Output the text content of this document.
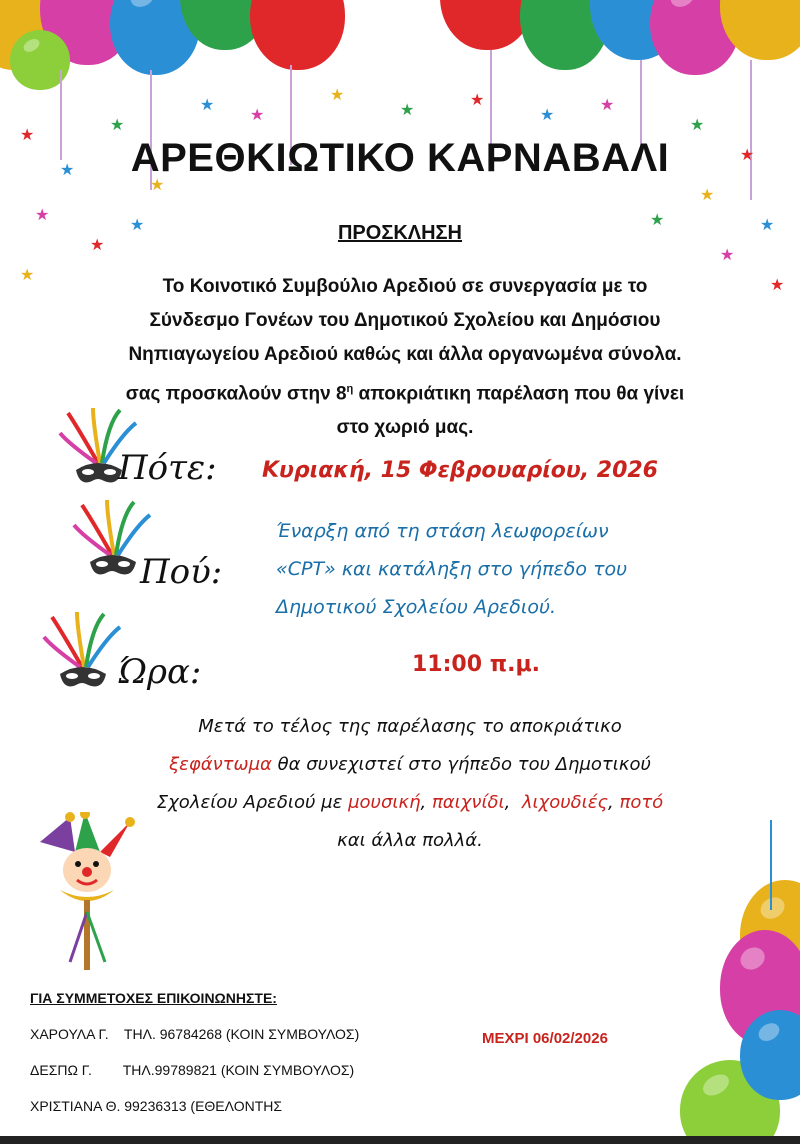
★
★
★
★
★
★
★
★
★
★
★
★
★
★
★
★
★
★
★
★
★
★
ΑΡΕΘΚΙΩΤΙΚΟ ΚΑΡΝΑΒΑΛΙ
ΠΡΟΣΚΛΗΣΗ
Το Κοινοτικό Συμβούλιο Αρεδιού σε συνεργασία με το
Σύνδεσμο Γονέων του Δημοτικού Σχολείου και Δημόσιου
Νηπιαγωγείου Αρεδιού καθώς και άλλα οργανωμένα σύνολα.
σας προσκαλούν στην $8^\eta$ αποκριάτικη παρέλαση που θα γίνει
στο χωριό μας.
Πότε: Κυριακή, 15 Φεβρουαρίου, 2026
Πού:
Έναρξη από τη στάση λεωφορείων
«CPT» και κατάληξη στο γήπεδο του
Δημοτικού Σχολείου Αρεδιού.
Ώρα:	11:00 π.μ.
Μετά το τέλος της παρέλασης το αποκριάτικο
ξεφάντωμα θα συνεχιστεί στο γήπεδο του Δημοτικού
Σχολείου Αρεδιού με μουσική, παιχνίδι,  λιχουδιές, ποτό
και άλλα πολλά.
ΓΙΑ ΣΥΜΜΕΤΟΧΕΣ ΕΠΙΚΟΙΝΩΝΗΣΤΕ:
ΧΑΡΟΥΛΑ Γ.    ΤΗΛ. 96784268 (ΚΟΙΝ ΣΥΜΒΟΥΛΟΣ)
ΔΕΣΠΩ Γ.        ΤΗΛ.99789821 (ΚΟΙΝ ΣΥΜΒΟΥΛΟΣ)
ΧΡΙΣΤΙΑΝΑ Θ. 99236313 (ΕΘΕΛΟΝΤΗΣ
ΜΕΧΡΙ 06/02/2026
